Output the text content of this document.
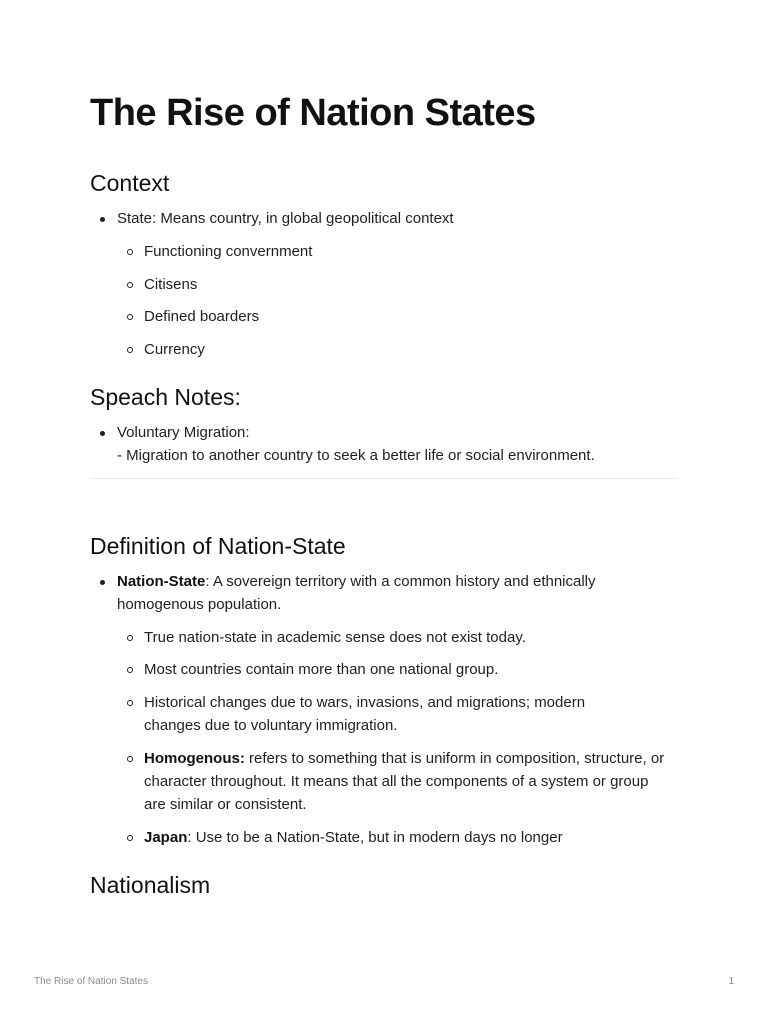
The Rise of Nation States
Context
State: Means country, in global geopolitical context
Functioning convernment
Citisens
Defined boarders
Currency
Speach Notes:
Voluntary Migration:
- Migration to another country to seek a better life or social environment.
Definition of Nation-State
Nation-State: A sovereign territory with a common history and ethnically homogenous population.
True nation-state in academic sense does not exist today.
Most countries contain more than one national group.
Historical changes due to wars, invasions, and migrations; modern changes due to voluntary immigration.
Homogenous: refers to something that is uniform in composition, structure, or character throughout. It means that all the components of a system or group are similar or consistent.
Japan: Use to be a Nation-State, but in modern days no longer
Nationalism
The Rise of Nation States	1
